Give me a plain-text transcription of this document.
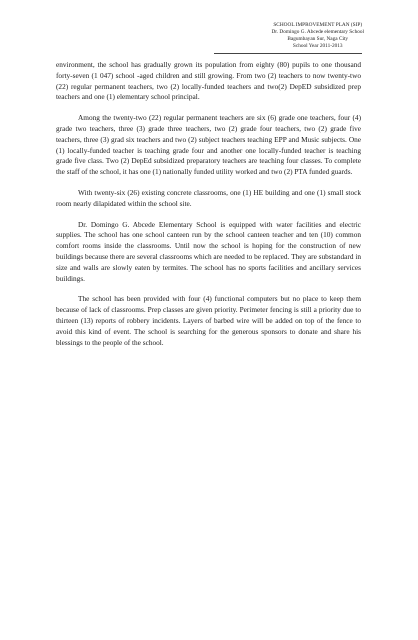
SCHOOL IMPROVEMENT PLAN (SIP)
Dr. Domingo G. Abcede elementary School
Bagumbayan Sur, Naga City
School Year 2011-2013

environment, the school has gradually grown its population from eighty (80) pupils to one thousand forty-seven (1 047) school -aged children and still growing. From two (2) teachers to now twenty-two (22) regular permanent teachers, two (2) locally-funded teachers and two(2) DepED subsidized prep teachers and one (1) elementary school principal.

Among the twenty-two (22) regular permanent teachers are six (6) grade one teachers, four (4) grade two teachers, three (3) grade three teachers, two (2) grade four teachers, two (2) grade five teachers, three (3) grad six teachers and two (2) subject teachers teaching EPP and Music subjects. One (1) locally-funded teacher is teaching grade four and another one locally-funded teacher is teaching grade five class. Two (2) DepEd subsidized preparatory teachers are teaching four classes. To complete the staff of the school, it has one (1) nationally funded utility worked and two (2) PTA funded guards.

With twenty-six (26) existing concrete classrooms, one (1) HE building and one (1) small stock room nearly dilapidated within the school site.

Dr. Domingo G. Abcede Elementary School is equipped with water facilities and electric supplies. The school has one school canteen run by the school canteen teacher and ten (10) common comfort rooms inside the classrooms. Until now the school is hoping for the construction of new buildings because there are several classrooms which are needed to be replaced. They are substandard in size and walls are slowly eaten by termites. The school has no sports facilities and ancillary services buildings.

The school has been provided with four (4) functional computers but no place to keep them because of lack of classrooms. Prep classes are given priority. Perimeter fencing is still a priority due to thirteen (13) reports of robbery incidents. Layers of barbed wire will be added on top of the fence to avoid this kind of event. The school is searching for the generous sponsors to donate and share his blessings to the people of the school.
